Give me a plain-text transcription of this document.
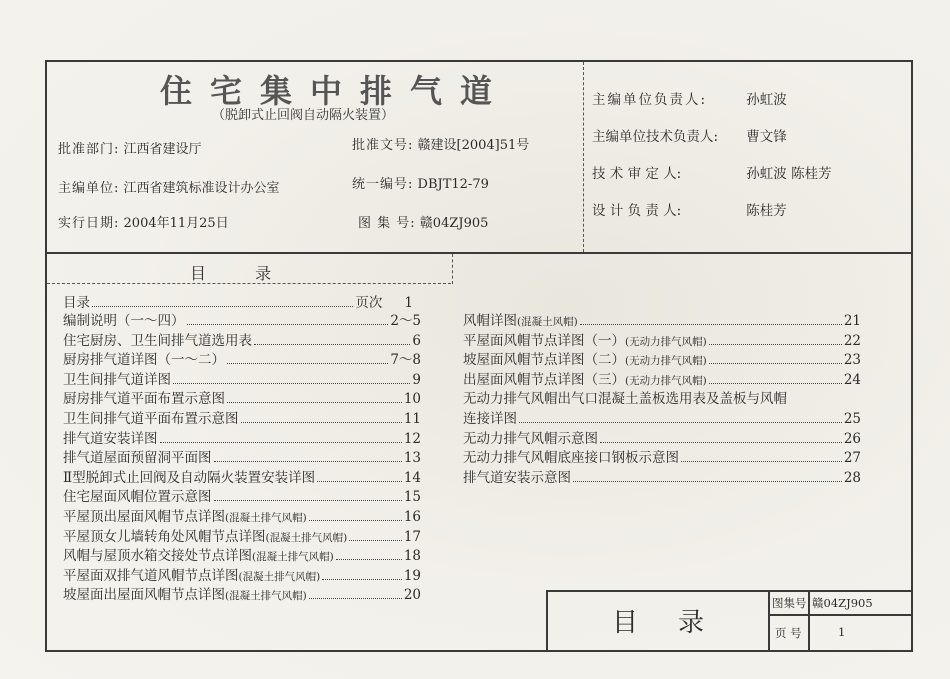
住宅集中排气道
（脱卸式止回阀自动隔火装置）
批准部门: 江西省建设厅	批准文号: 赣建设[2004]51号
主编单位: 江西省建筑标准设计办公室	统一编号: DBJT12-79
实行日期: 2004年11月25日	图 集 号: 赣04ZJ905
主编单位负责人:	孙虹波
主编单位技术负责人: 曹文锋
技 术 审 定 人:	孙虹波 陈桂芳
设 计 负 责 人:	陈桂芳
目 录
目录	页次 1
编制说明（一～四）	2～5
住宅厨房、卫生间排气道选用表	6
厨房排气道详图（一～二）	7～8
卫生间排气道详图	9
厨房排气道平面布置示意图	10
卫生间排气道平面布置示意图	11
排气道安装详图	12
排气道屋面预留洞平面图	13
Ⅱ型脱卸式止回阀及自动隔火装置安装详图	14
住宅屋面风帽位置示意图	15
平屋顶出屋面风帽节点详图(混凝土排气风帽)	16
平屋顶女儿墙转角处风帽节点详图(混凝土排气风帽)	17
风帽与屋顶水箱交接处节点详图(混凝土排气风帽)	18
平屋面双排气道风帽节点详图(混凝土排气风帽)	19
坡屋面出屋面风帽节点详图(混凝土排气风帽)	20
风帽详图(混凝土风帽)	21
平屋面风帽节点详图（一）(无动力排气风帽)	22
坡屋面风帽节点详图（二）(无动力排气风帽)	23
出屋面风帽节点详图（三）(无动力排气风帽)	24
无动力排气风帽出气口混凝土盖板选用表及盖板与风帽
连接详图	25
无动力排气风帽示意图	26
无动力排气风帽底座接口钢板示意图	27
排气道安装示意图	28
目录
图集号 赣04ZJ905
页 号	1
